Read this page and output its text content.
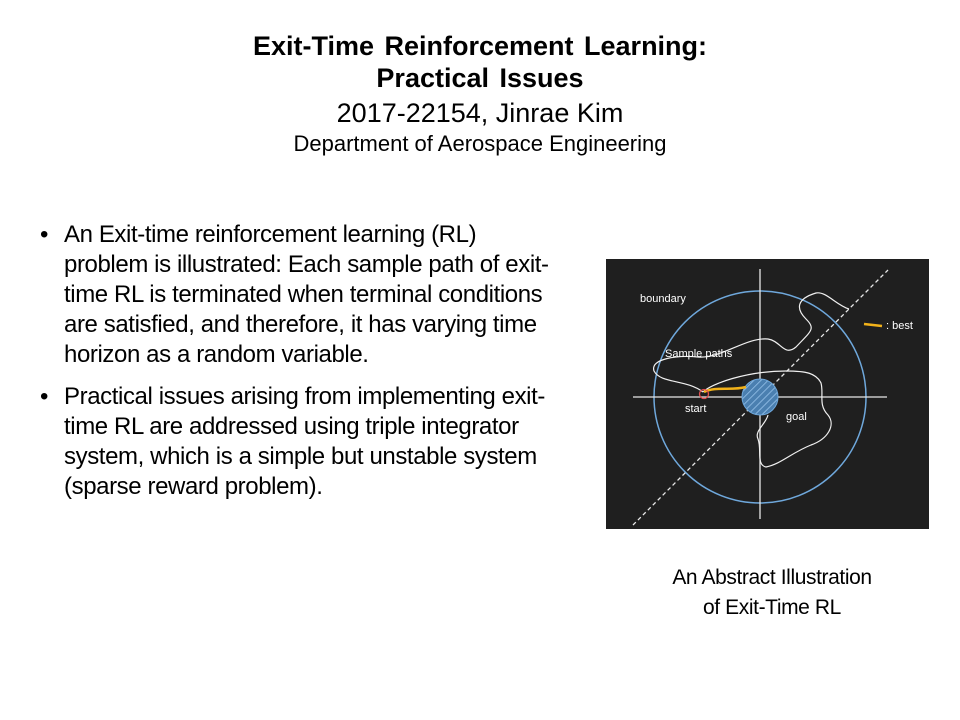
Exit-Time Reinforcement Learning:
Practical Issues
2017-22154, Jinrae Kim
Department of Aerospace Engineering
• An Exit-time reinforcement learning (RL) problem is illustrated: Each sample path of exit-time RL is terminated when terminal conditions are satisfied, and therefore, it has varying time horizon as a random variable.
• Practical issues arising from implementing exit-time RL are addressed using triple integrator system, which is a simple but unstable system (sparse reward problem).
boundary
Sample paths
start
goal
: best
An Abstract Illustration
of Exit-Time RL
